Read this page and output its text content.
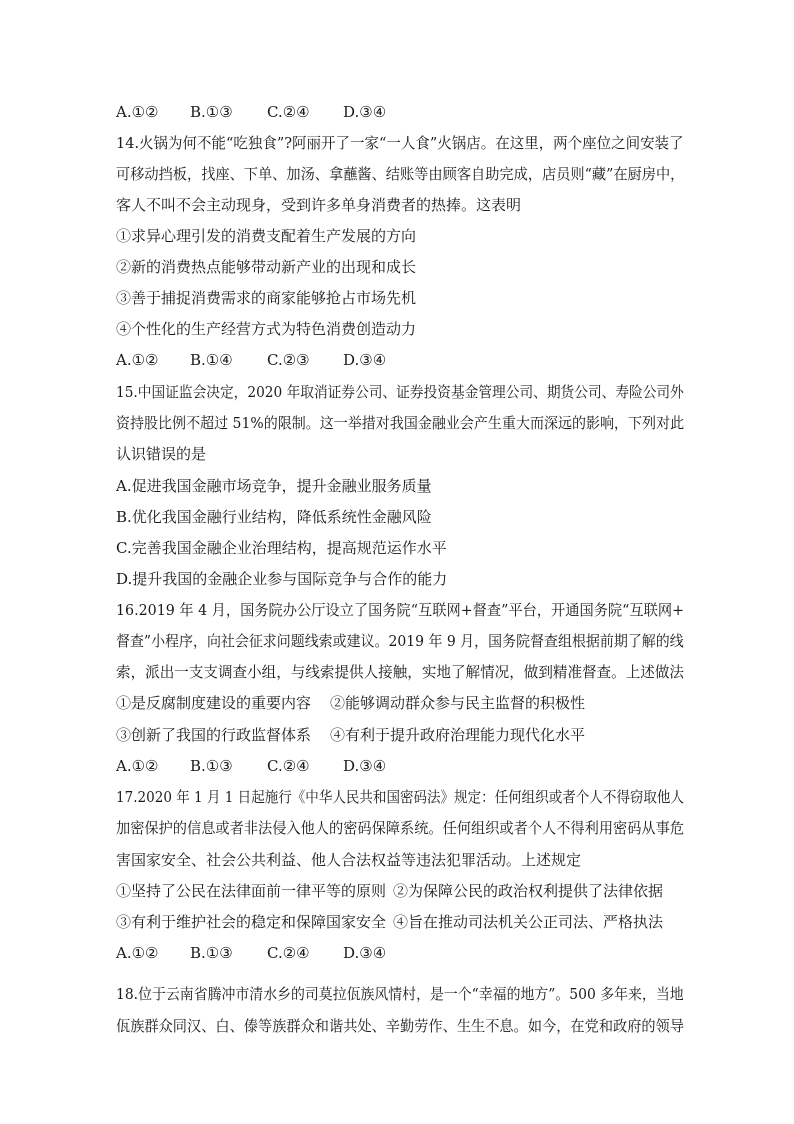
A.①② B.①③ C.②④ D.③④
14.火锅为何不能“吃独食”?阿丽开了一家“一人食”火锅店。在这里，两个座位之间安装了
可移动挡板，找座、下单、加汤、拿蘸酱、结账等由顾客自助完成，店员则“藏”在厨房中，
客人不叫不会主动现身，受到许多单身消费者的热捧。这表明
①求异心理引发的消费支配着生产发展的方向
②新的消费热点能够带动新产业的出现和成长
③善于捕捉消费需求的商家能够抢占市场先机
④个性化的生产经营方式为特色消费创造动力
A.①② B.①④ C.②③ D.③④
15.中国证监会决定，2020 年取消证券公司、证券投资基金管理公司、期货公司、寿险公司外
资持股比例不超过 51%的限制。这一举措对我国金融业会产生重大而深远的影响，下列对此
认识错误的是
A.促进我国金融市场竞争，提升金融业服务质量
B.优化我国金融行业结构，降低系统性金融风险
C.完善我国金融企业治理结构，提高规范运作水平
D.提升我国的金融企业参与国际竞争与合作的能力
16.2019 年 4 月，国务院办公厅设立了国务院“互联网+督查”平台，开通国务院“互联网+
督查”小程序，向社会征求问题线索或建议。2019 年 9 月，国务院督查组根据前期了解的线
索，派出一支支调查小组，与线索提供人接触，实地了解情况，做到精准督查。上述做法
①是反腐制度建设的重要内容 ②能够调动群众参与民主监督的积极性
③创新了我国的行政监督体系 ④有利于提升政府治理能力现代化水平
A.①② B.①③ C.②④ D.③④
17.2020 年 1 月 1 日起施行《中华人民共和国密码法》规定：任何组织或者个人不得窃取他人
加密保护的信息或者非法侵入他人的密码保障系统。任何组织或者个人不得利用密码从事危
害国家安全、社会公共利益、他人合法权益等违法犯罪活动。上述规定
①坚持了公民在法律面前一律平等的原则 ②为保障公民的政治权利提供了法律依据
③有利于维护社会的稳定和保障国家安全 ④旨在推动司法机关公正司法、严格执法
A.①② B.①③ C.②④ D.③④
18.位于云南省腾冲市清水乡的司莫拉佤族风情村，是一个“幸福的地方”。500 多年来，当地
佤族群众同汉、白、傣等族群众和谐共处、辛勤劳作、生生不息。如今，在党和政府的领导
